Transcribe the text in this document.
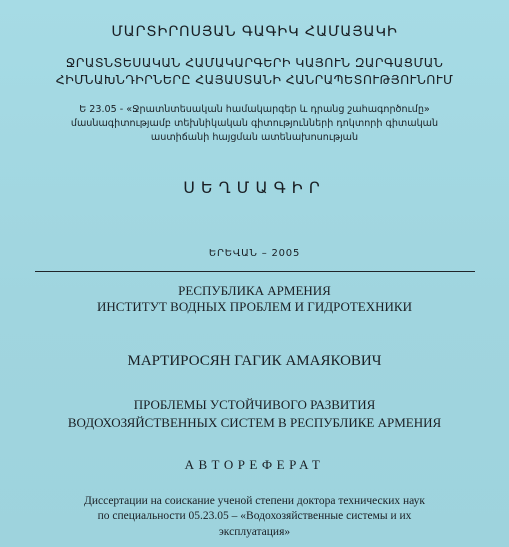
ՄԱՐՏԻՐՈՍՅԱՆ ԳԱԳԻԿ ՀԱՄԱՅԱԿԻ

ՋՐԱՏՆՏԵՍԱԿԱՆ ՀԱՄԱԿԱՐԳԵՐԻ ԿԱՅՈՒՆ ԶԱՐԳԱՑՄԱՆ

ՀԻՄՆԱԽՆԴԻՐՆԵՐԸ ՀԱՅԱՍՏԱՆԻ ՀԱՆՐԱՊԵՏՈՒԹՅՈՒՆՈՒՄ

Ե 23.05 - «Ջրատնտեսական համակարգեր և դրանց շահագործումը»

մասնագիտությամբ տեխնիկական գիտությունների դոկտորի գիտական

աստիճանի հայցման ատենախոսության

ՍԵՂՄԱԳԻՐ

ԵՐԵՎԱՆ – 2005

РЕСПУБЛИКА АРМЕНИЯ

ИНСТИТУТ ВОДНЫХ ПРОБЛЕМ И ГИДРОТЕХНИКИ

МАРТИРОСЯН ГАГИК АМАЯКОВИЧ

ПРОБЛЕМЫ УСТОЙЧИВОГО РАЗВИТИЯ

ВОДОХОЗЯЙСТВЕННЫХ СИСТЕМ В РЕСПУБЛИКЕ АРМЕНИЯ

АВТОРЕФЕРАТ

Диссертации на соискание ученой степени доктора технических наук

по специальности 05.23.05 – «Водохозяйственные системы и их

эксплуатация»
